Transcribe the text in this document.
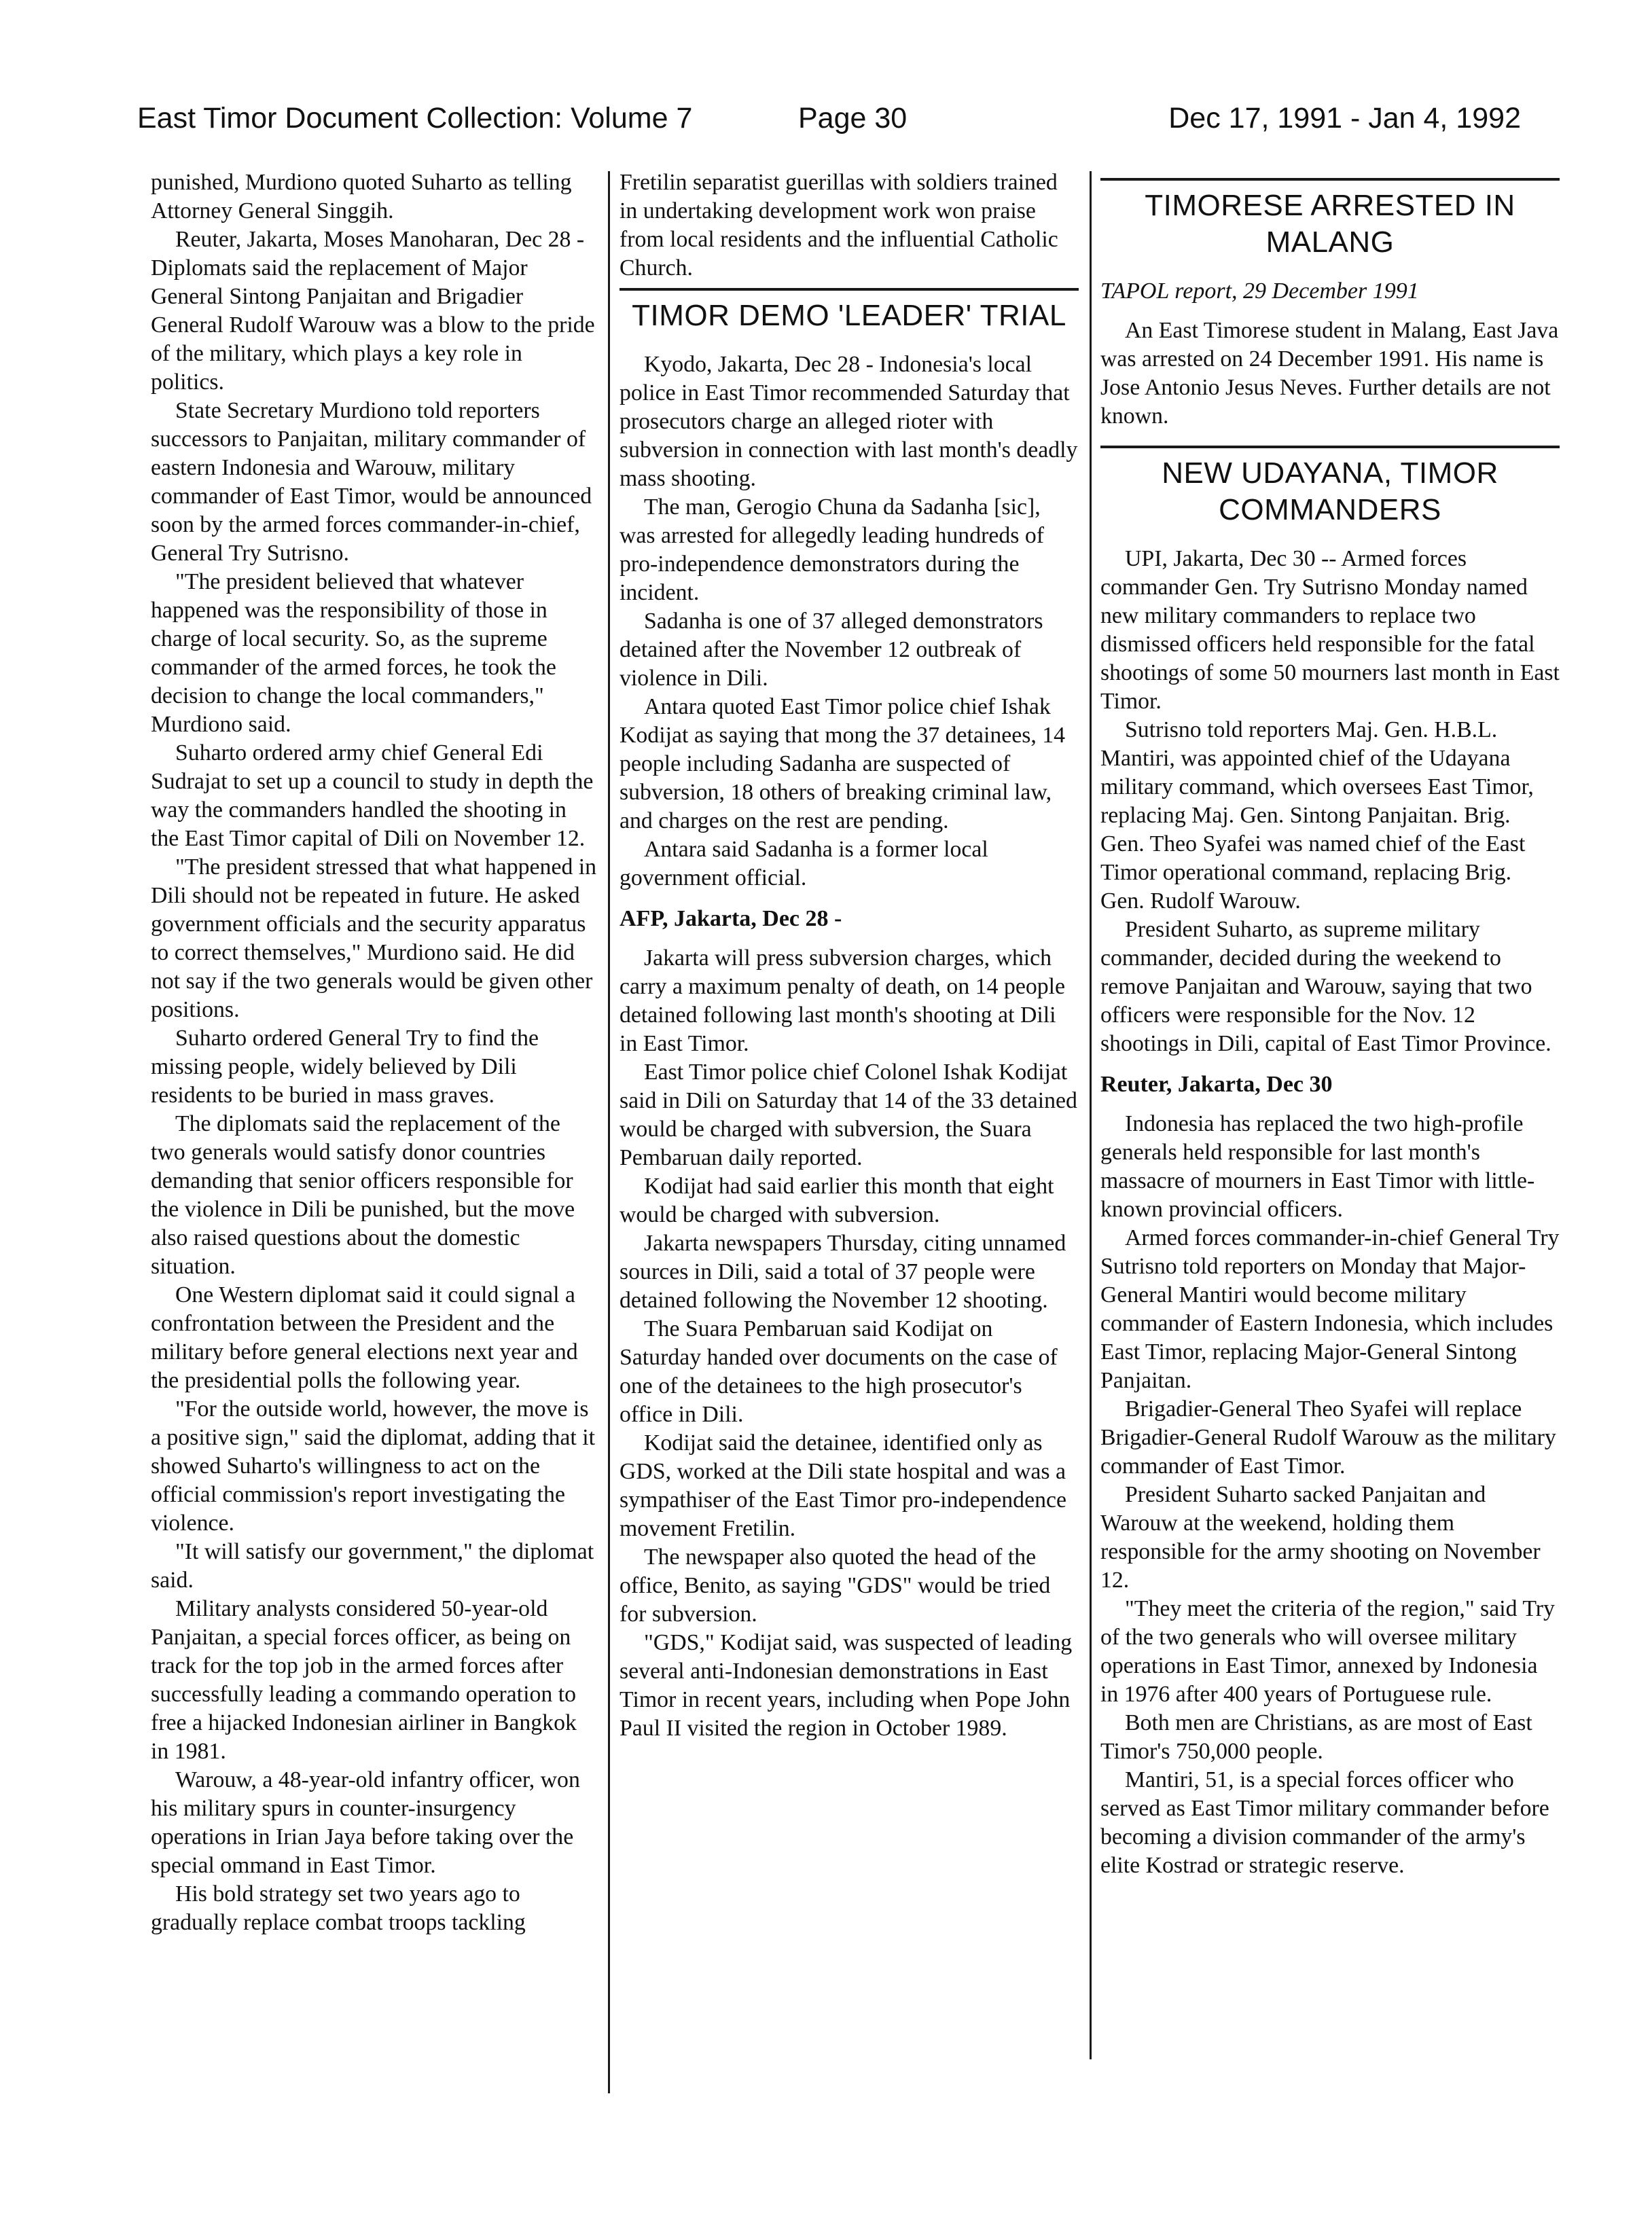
East Timor Document Collection: Volume 7	Page 30	Dec 17, 1991 - Jan 4, 1992

punished, Murdiono quoted Suharto as telling Attorney General Singgih.

Reuter, Jakarta, Moses Manoharan, Dec 28 - Diplomats said the replacement of Major General Sintong Panjaitan and Brigadier General Rudolf Warouw was a blow to the pride of the military, which plays a key role in politics.

State Secretary Murdiono told reporters successors to Panjaitan, military commander of eastern Indonesia and Warouw, military commander of East Timor, would be announced soon by the armed forces commander-in-chief, General Try Sutrisno.

"The president believed that whatever happened was the responsibility of those in charge of local security. So, as the supreme commander of the armed forces, he took the decision to change the local commanders," Murdiono said.

Suharto ordered army chief General Edi Sudrajat to set up a council to study in depth the way the commanders handled the shooting in the East Timor capital of Dili on November 12.

"The president stressed that what happened in Dili should not be repeated in future. He asked government officials and the security apparatus to correct themselves," Murdiono said. He did not say if the two generals would be given other positions.

Suharto ordered General Try to find the missing people, widely believed by Dili residents to be buried in mass graves.

The diplomats said the replacement of the two generals would satisfy donor countries demanding that senior officers responsible for the violence in Dili be punished, but the move also raised questions about the domestic situation.

One Western diplomat said it could signal a confrontation between the President and the military before general elections next year and the presidential polls the following year.

"For the outside world, however, the move is a positive sign," said the diplomat, adding that it showed Suharto's willingness to act on the official commission's report investigating the violence.

"It will satisfy our government," the diplomat said.

Military analysts considered 50-year-old Panjaitan, a special forces officer, as being on track for the top job in the armed forces after successfully leading a commando operation to free a hijacked Indonesian airliner in Bangkok in 1981.

Warouw, a 48-year-old infantry officer, won his military spurs in counter-insurgency operations in Irian Jaya before taking over the special ommand in East Timor.

His bold strategy set two years ago to gradually replace combat troops tackling

Fretilin separatist guerillas with soldiers trained in undertaking development work won praise from local residents and the influential Catholic Church.

TIMOR DEMO 'LEADER' TRIAL

Kyodo, Jakarta, Dec 28 - Indonesia's local police in East Timor recommended Saturday that prosecutors charge an alleged rioter with subversion in connection with last month's deadly mass shooting.

The man, Gerogio Chuna da Sadanha [sic], was arrested for allegedly leading hundreds of pro-independence demonstrators during the incident.

Sadanha is one of 37 alleged demonstrators detained after the November 12 outbreak of violence in Dili.

Antara quoted East Timor police chief Ishak Kodijat as saying that mong the 37 detainees, 14 people including Sadanha are suspected of subversion, 18 others of breaking criminal law, and charges on the rest are pending.

Antara said Sadanha is a former local government official.

AFP, Jakarta, Dec 28 -

Jakarta will press subversion charges, which carry a maximum penalty of death, on 14 people detained following last month's shooting at Dili in East Timor.

East Timor police chief Colonel Ishak Kodijat said in Dili on Saturday that 14 of the 33 detained would be charged with subversion, the Suara Pembaruan daily reported.

Kodijat had said earlier this month that eight would be charged with subversion.

Jakarta newspapers Thursday, citing unnamed sources in Dili, said a total of 37 people were detained following the November 12 shooting.

The Suara Pembaruan said Kodijat on Saturday handed over documents on the case of one of the detainees to the high prosecutor's office in Dili.

Kodijat said the detainee, identified only as GDS, worked at the Dili state hospital and was a sympathiser of the East Timor pro-independence movement Fretilin.

The newspaper also quoted the head of the office, Benito, as saying "GDS" would be tried for subversion.

"GDS," Kodijat said, was suspected of leading several anti-Indonesian demonstrations in East Timor in recent years, including when Pope John Paul II visited the region in October 1989.

TIMORESE ARRESTED IN MALANG
TAPOL report, 29 December 1991

An East Timorese student in Malang, East Java was arrested on 24 December 1991. His name is Jose Antonio Jesus Neves. Further details are not known.

NEW UDAYANA, TIMOR COMMANDERS

UPI, Jakarta, Dec 30 -- Armed forces commander Gen. Try Sutrisno Monday named new military commanders to replace two dismissed officers held responsible for the fatal shootings of some 50 mourners last month in East Timor.

Sutrisno told reporters Maj. Gen. H.B.L. Mantiri, was appointed chief of the Udayana military command, which oversees East Timor, replacing Maj. Gen. Sintong Panjaitan. Brig. Gen. Theo Syafei was named chief of the East Timor operational command, replacing Brig. Gen. Rudolf Warouw.

President Suharto, as supreme military commander, decided during the weekend to remove Panjaitan and Warouw, saying that two officers were responsible for the Nov. 12 shootings in Dili, capital of East Timor Province.

Reuter, Jakarta, Dec 30

Indonesia has replaced the two high-profile generals held responsible for last month's massacre of mourners in East Timor with little-known provincial officers.

Armed forces commander-in-chief General Try Sutrisno told reporters on Monday that Major-General Mantiri would become military commander of Eastern Indonesia, which includes East Timor, replacing Major-General Sintong Panjaitan.

Brigadier-General Theo Syafei will replace Brigadier-General Rudolf Warouw as the military commander of East Timor.

President Suharto sacked Panjaitan and Warouw at the weekend, holding them responsible for the army shooting on November 12.

"They meet the criteria of the region," said Try of the two generals who will oversee military operations in East Timor, annexed by Indonesia in 1976 after 400 years of Portuguese rule.

Both men are Christians, as are most of East Timor's 750,000 people.

Mantiri, 51, is a special forces officer who served as East Timor military commander before becoming a division commander of the army's elite Kostrad or strategic reserve.
